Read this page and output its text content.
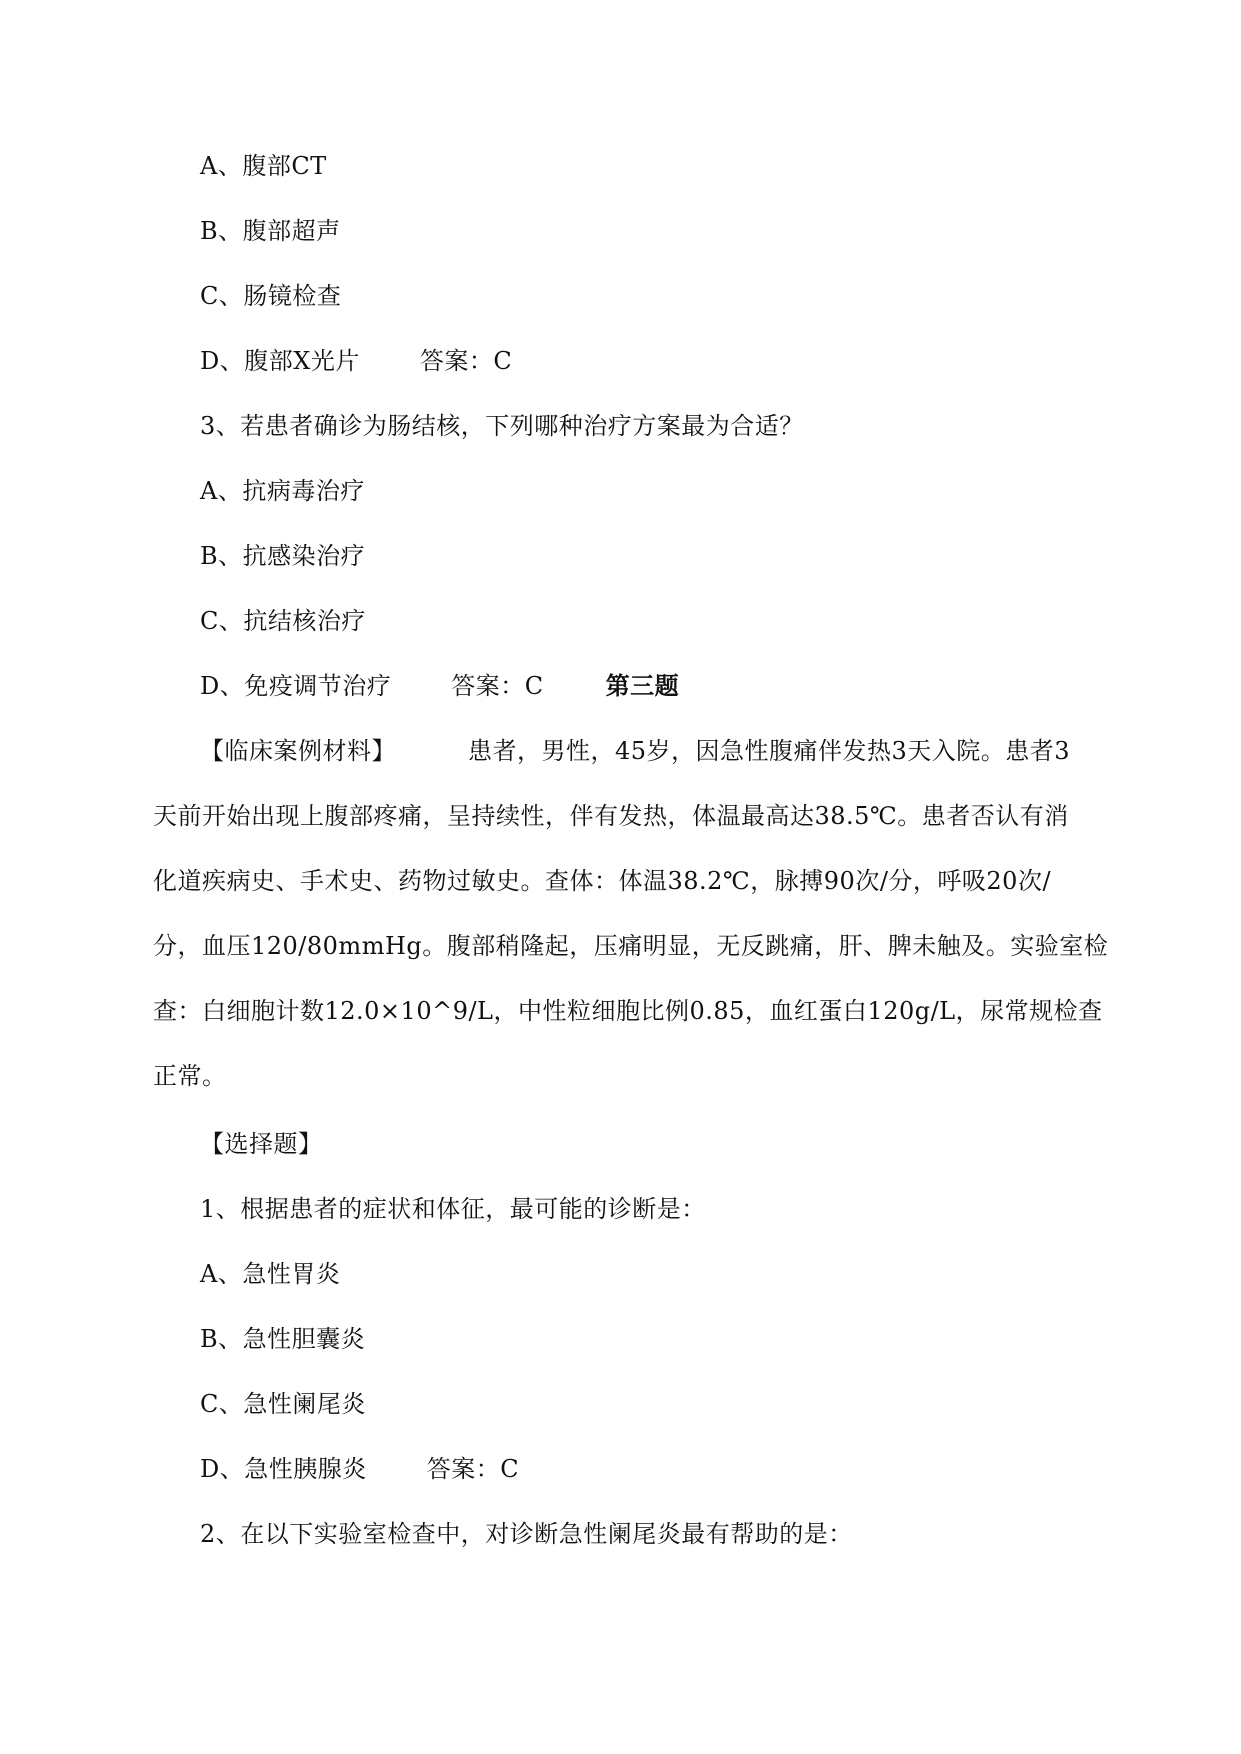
A、腹部CT
B、腹部超声
C、肠镜检查
D、腹部X光片	答案：C
3、若患者确诊为肠结核，下列哪种治疗方案最为合适？
A、抗病毒治疗
B、抗感染治疗
C、抗结核治疗
D、免疫调节治疗	答案：C	第三题
【临床案例材料】	患者，男性，45岁，因急性腹痛伴发热3天入院。患者3
天前开始出现上腹部疼痛，呈持续性，伴有发热，体温最高达38.5℃。患者否认有消
化道疾病史、手术史、药物过敏史。查体：体温38.2℃，脉搏90次/分，呼吸20次/
分，血压120/80mmHg。腹部稍隆起，压痛明显，无反跳痛，肝、脾未触及。实验室检
查：白细胞计数12.0×10^9/L，中性粒细胞比例0.85，血红蛋白120g/L，尿常规检查
正常。
【选择题】
1、根据患者的症状和体征，最可能的诊断是：
A、急性胃炎
B、急性胆囊炎
C、急性阑尾炎
D、急性胰腺炎	答案：C
2、在以下实验室检查中，对诊断急性阑尾炎最有帮助的是：
